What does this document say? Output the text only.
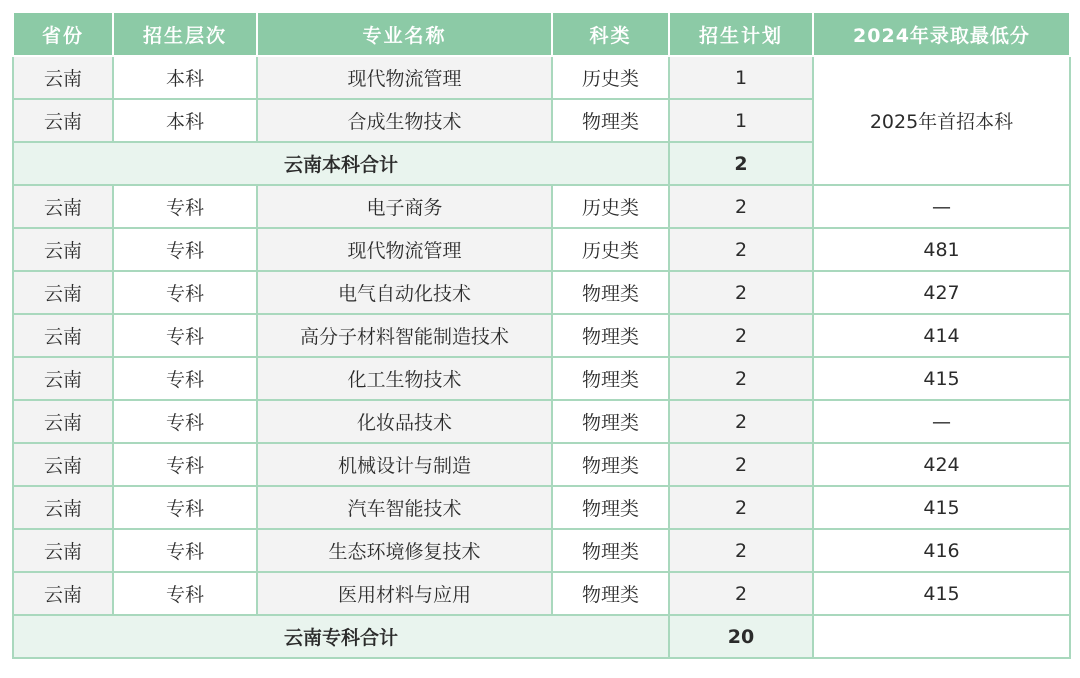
省份	招生层次	专业名称	科类	招生计划	2024年录取最低分
云南	本科	现代物流管理	历史类	1	2025年首招本科
云南	本科	合成生物技术	物理类	1	
云南本科合计				2	
云南	专科	电子商务	历史类	2	—
云南	专科	现代物流管理	历史类	2	481
云南	专科	电气自动化技术	物理类	2	427
云南	专科	高分子材料智能制造技术	物理类	2	414
云南	专科	化工生物技术	物理类	2	415
云南	专科	化妆品技术	物理类	2	—
云南	专科	机械设计与制造	物理类	2	424
云南	专科	汽车智能技术	物理类	2	415
云南	专科	生态环境修复技术	物理类	2	416
云南	专科	医用材料与应用	物理类	2	415
云南专科合计				20	
